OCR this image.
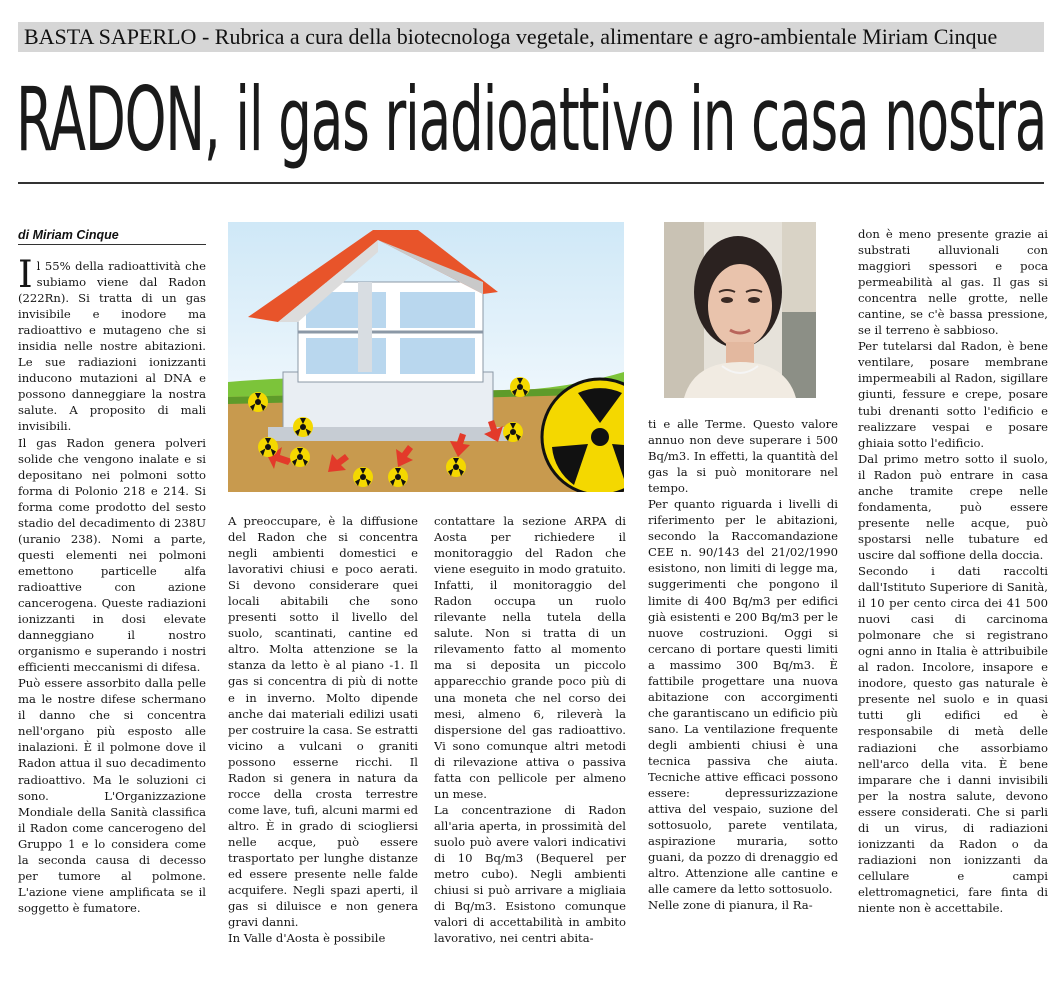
BASTA SAPERLO - Rubrica a cura della biotecnologa vegetale, alimentare e agro-ambientale Miriam Cinque
RADON, il gas riadioattivo in casa nostra
di Miriam Cinque
I l 55% della radioattività che subiamo viene dal Radon (222Rn). Si tratta di un gas invisibile e inodore ma radioattivo e mutageno che si insidia nelle nostre abitazioni. Le sue radiazioni ionizzanti inducono mutazioni al DNA e possono danneggiare la nostra salute. A proposito di mali invisibili.

Il gas Radon genera polveri solide che vengono inalate e si depositano nei polmoni sotto forma di Polonio 218 e 214. Si forma come prodotto del sesto stadio del decadimento di 238U (uranio 238). Nomi a parte, questi elementi nei polmoni emettono particelle alfa radioattive con azione cancerogena. Queste radiazioni ionizzanti in dosi elevate danneggiano il nostro organismo e superando i nostri efficienti meccanismi di difesa.

Può essere assorbito dalla pelle ma le nostre difese schermano il danno che si concentra nell'organo più esposto alle inalazioni. È il polmone dove il Radon attua il suo decadimento radioattivo. Ma le soluzioni ci sono. L'Organizzazione Mondiale della Sanità classifica il Radon come cancerogeno del Gruppo 1 e lo considera come la seconda causa di decesso per tumore al polmone. L'azione viene amplificata se il soggetto è fumatore.

A preoccupare, è la diffusione del Radon che si concentra negli ambienti domestici e lavorativi chiusi e poco aerati. Si devono considerare quei locali abitabili che sono presenti sotto il livello del suolo, scantinati, cantine ed altro. Molta attenzione se la stanza da letto è al piano -1. Il gas si concentra di più di notte e in inverno. Molto dipende anche dai materiali edilizi usati per costruire la casa. Se estratti vicino a vulcani o graniti possono esserne ricchi. Il Radon si genera in natura da rocce della crosta terrestre come lave, tufi, alcuni marmi ed altro. È in grado di sciogliersi nelle acque, può essere trasportato per lunghe distanze ed essere presente nelle falde acquifere. Negli spazi aperti, il gas si diluisce e non genera gravi danni.

In Valle d'Aosta è possibile

contattare la sezione ARPA di Aosta per richiedere il monitoraggio del Radon che viene eseguito in modo gratuito. Infatti, il monitoraggio del Radon occupa un ruolo rilevante nella tutela della salute. Non si tratta di un rilevamento fatto al momento ma si deposita un piccolo apparecchio grande poco più di una moneta che nel corso dei mesi, almeno 6, rileverà la dispersione del gas radioattivo. Vi sono comunque altri metodi di rilevazione attiva o passiva fatta con pellicole per almeno un mese.

La concentrazione di Radon all'aria aperta, in prossimità del suolo può avere valori indicativi di 10 Bq/m3 (Bequerel per metro cubo). Negli ambienti chiusi si può arrivare a migliaia di Bq/m3. Esistono comunque valori di accettabilità in ambito lavorativo, nei centri abita-

ti e alle Terme. Questo valore annuo non deve superare i 500 Bq/m3. In effetti, la quantità del gas la si può monitorare nel tempo.

Per quanto riguarda i livelli di riferimento per le abitazioni, secondo la Raccomandazione CEE n. 90/143 del 21/02/1990 esistono, non limiti di legge ma, suggerimenti che pongono il limite di 400 Bq/m3 per edifici già esistenti e 200 Bq/m3 per le nuove costruzioni. Oggi si cercano di portare questi limiti a massimo 300 Bq/m3. È fattibile progettare una nuova abitazione con accorgimenti che garantiscano un edificio più sano. La ventilazione frequente degli ambienti chiusi è una tecnica passiva che aiuta. Tecniche attive efficaci possono essere: depressurizzazione attiva del vespaio, suzione del sottosuolo, parete ventilata, aspirazione muraria, sotto guani, da pozzo di drenaggio ed altro. Attenzione alle cantine e alle camere da letto sottosuolo.

Nelle zone di pianura, il Ra-

don è meno presente grazie ai substrati alluvionali con maggiori spessori e poca permeabilità al gas. Il gas si concentra nelle grotte, nelle cantine, se c'è bassa pressione, se il terreno è sabbioso.

Per tutelarsi dal Radon, è bene ventilare, posare membrane impermeabili al Radon, sigillare giunti, fessure e crepe, posare tubi drenanti sotto l'edificio e realizzare vespai e posare ghiaia sotto l'edificio.

Dal primo metro sotto il suolo, il Radon può entrare in casa anche tramite crepe nelle fondamenta, può essere presente nelle acque, può spostarsi nelle tubature ed uscire dal soffione della doccia.

Secondo i dati raccolti dall'Istituto Superiore di Sanità, il 10 per cento circa dei 41 500 nuovi casi di carcinoma polmonare che si registrano ogni anno in Italia è attribuibile al radon. Incolore, insapore e inodore, questo gas naturale è presente nel suolo e in quasi tutti gli edifici ed è responsabile di metà delle radiazioni che assorbiamo nell'arco della vita. È bene imparare che i danni invisibili per la nostra salute, devono essere considerati. Che si parli di un virus, di radiazioni ionizzanti da Radon o da radiazioni non ionizzanti da cellulare e campi elettromagnetici, fare finta di niente non è accettabile.
